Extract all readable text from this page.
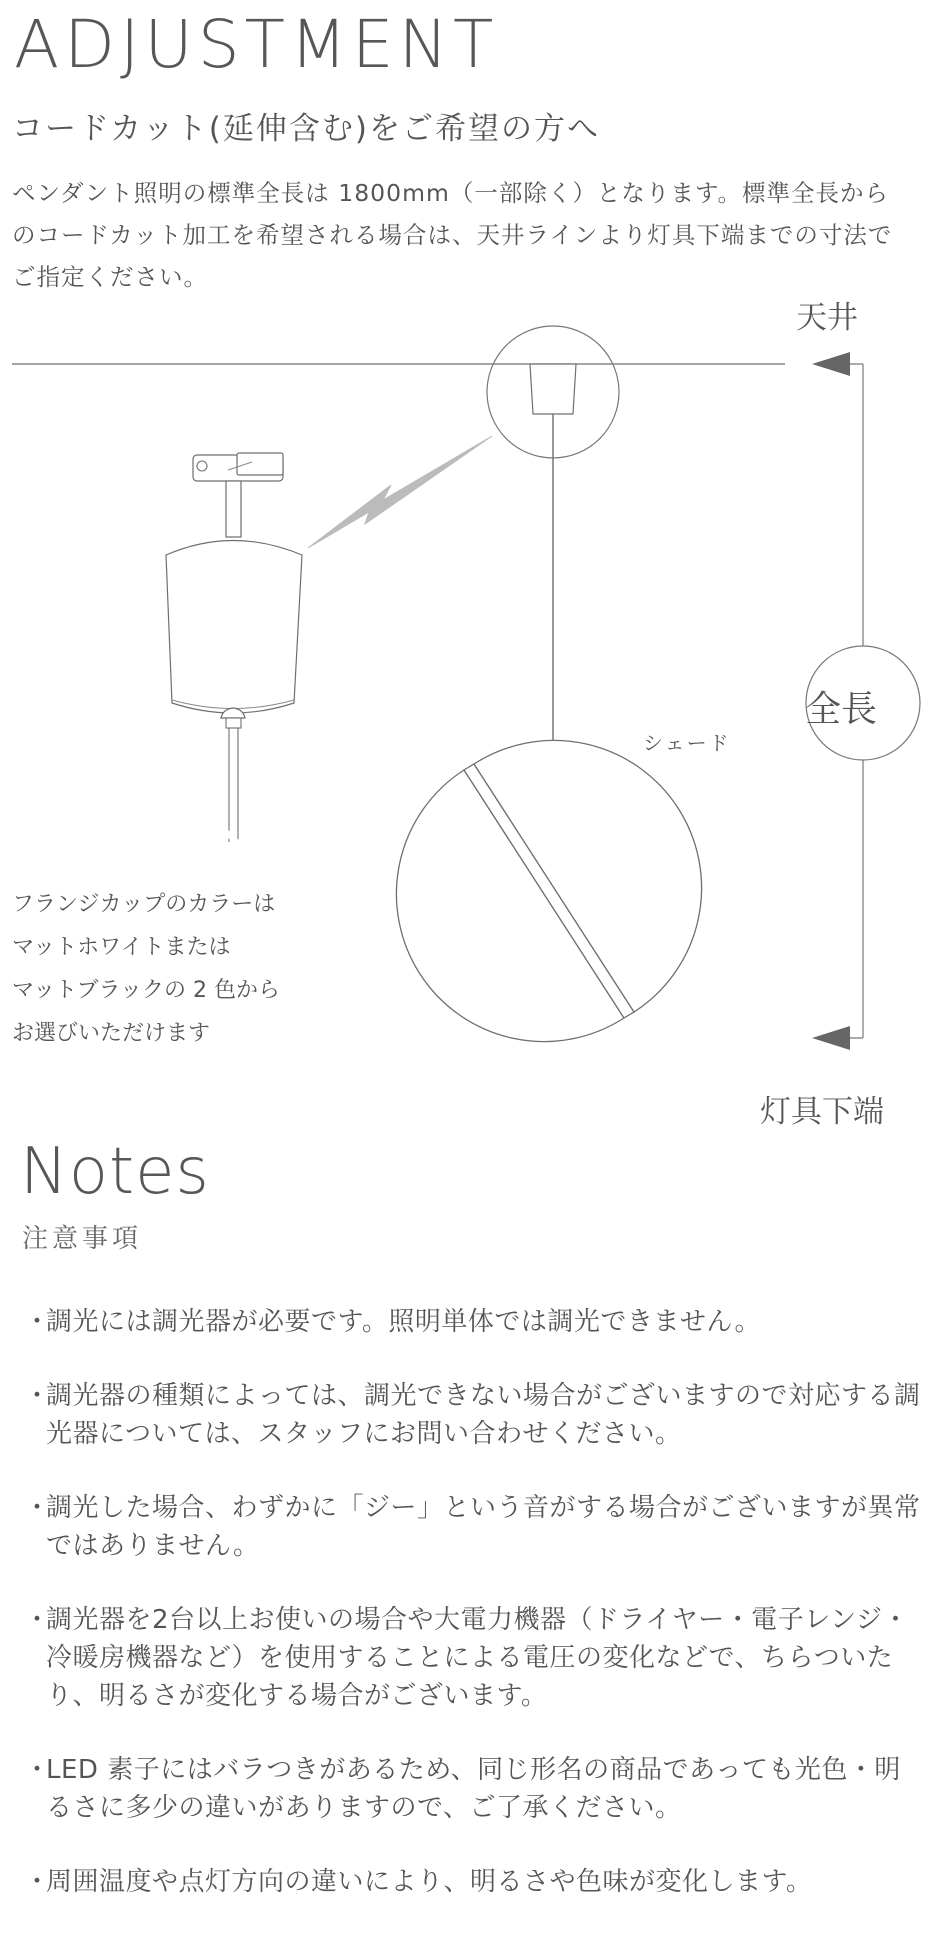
ADJUSTMENT
コードカット(延伸含む)をご希望の方へ

ペンダント照明の標準全長は 1800mm（一部除く）となります。標準全長からのコードカット加工を希望される場合は、天井ラインより灯具下端までの寸法でご指定ください。

天井
シェード
全長
灯具下端

フランジカップのカラーは
マットホワイトまたは
マットブラックの 2 色から
お選びいただけます

Notes
注意事項
・
調光には調光器が必要です。照明単体では調光できません。
・
調光器の種類によっては、調光できない場合がございますので対応する調光器については、スタッフにお問い合わせください。
・
調光した場合、わずかに「ジー」という音がする場合がございますが異常ではありません。
・
調光器を2台以上お使いの場合や大電力機器（ドライヤー・電子レンジ・冷暖房機器など）を使用することによる電圧の変化などで、ちらついたり、明るさが変化する場合がございます。
・
LED 素子にはバラつきがあるため、同じ形名の商品であっても光色・明るさに多少の違いがありますので、ご了承ください。
・
周囲温度や点灯方向の違いにより、明るさや色味が変化します。
